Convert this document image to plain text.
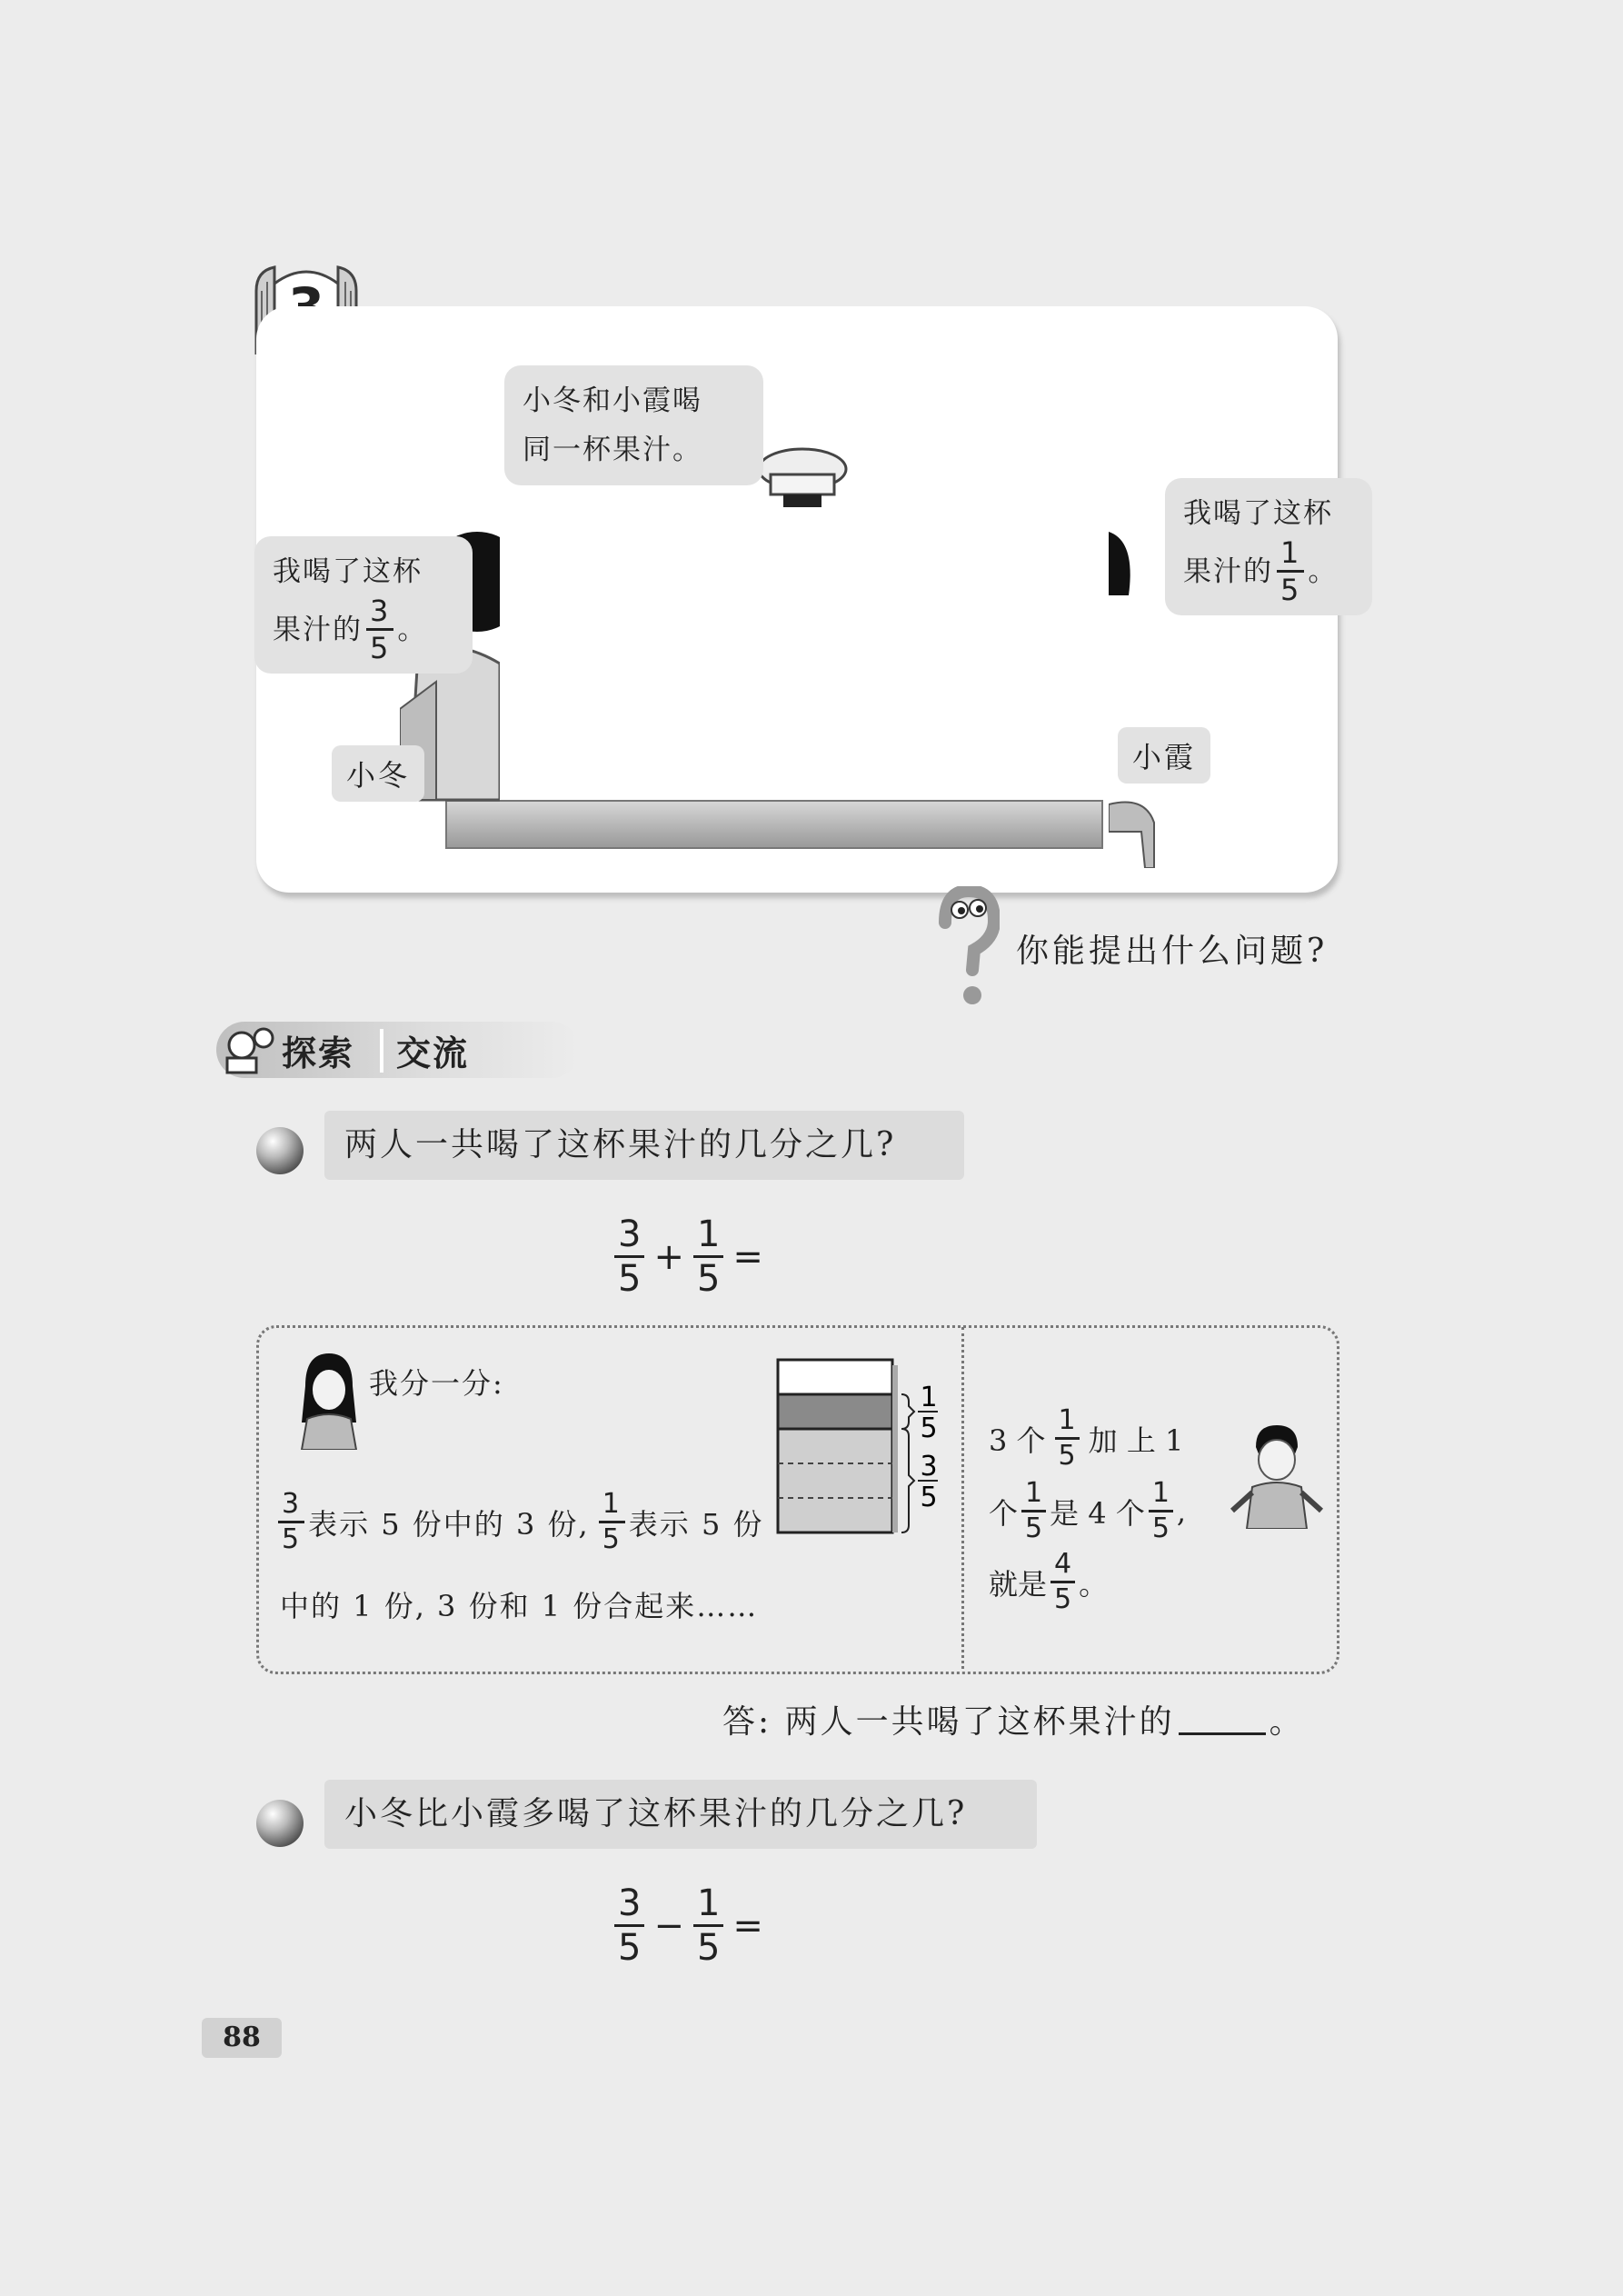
小冬和小霞喝
同一杯果汁。
我喝了这杯
果汁的 $\frac{3}{5}$ 。
我喝了这杯
果汁的 $\frac{1}{5}$ 。
小冬
小霞
你能提出什么问题?
探索 交流
两人一共喝了这杯果汁的几分之几?
$\frac{3}{5} + \frac{1}{5}$ =
我分一分:
$\frac{3}{5}$ 表示 5 份中的 3 份, $\frac{1}{5}$ 表示 5 份
中的 1 份, 3 份和 1 份合起来……
1
5
3
5
3 个 $\frac{1}{5}$ 加 上 1
个 $\frac{1}{5}$ 是 4 个 $\frac{1}{5}$ ,
就是 $\frac{4}{5}$ 。
答: 两人一共喝了这杯果汁的	。
小冬比小霞多喝了这杯果汁的几分之几?
$\frac{3}{5} - \frac{1}{5}$ =
88
